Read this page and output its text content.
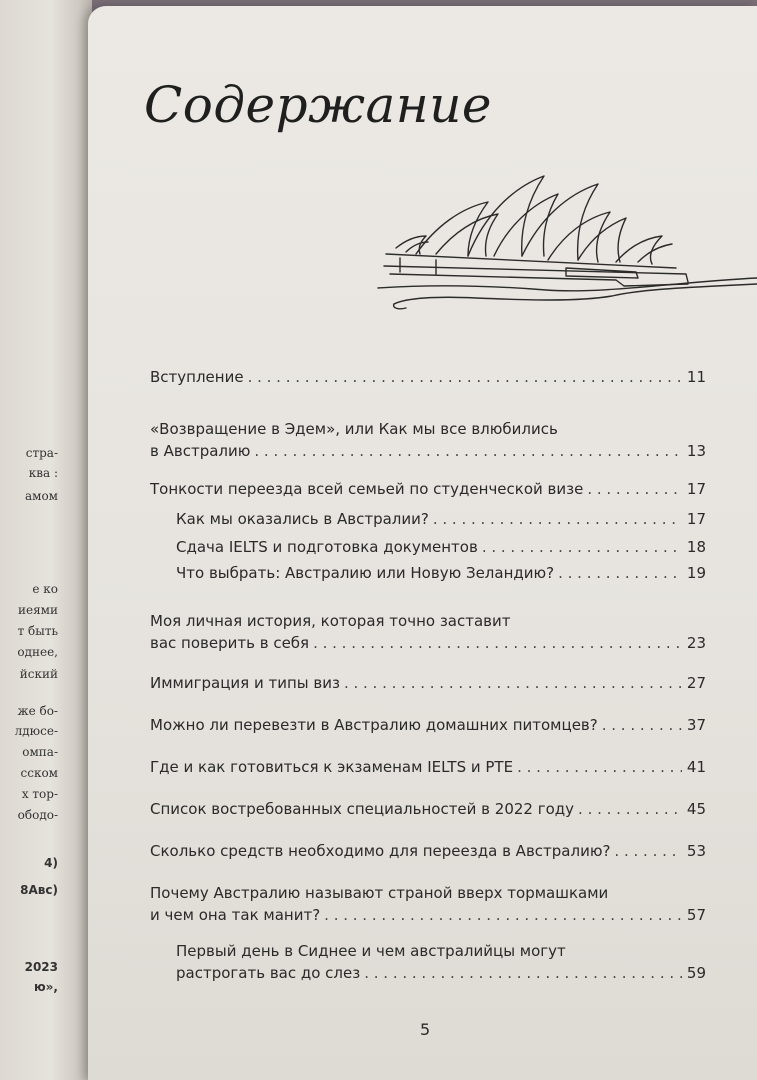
стра-
ква :
амом
е ко
иеями
т быть
однее,
йский
же бо-
лдюсе-
омпа-
сском
х тор-
ободо-
4)
8Авс)
2023
ю»,
Содержание
Вступление . . .	11
«Возвращение в Эдем», или Как мы все влюбились
в Австралию . . .	13
Тонкости переезда всей семьей по студенческой визе . . .	17
Как мы оказались в Австралии? . . .	17
Сдача IELTS и подготовка документов . . .	18
Что выбрать: Австралию или Новую Зеландию? . . .	19
Моя личная история, которая точно заставит
вас поверить в себя . . .	23
Иммиграция и типы виз . . .	27
Можно ли перевезти в Австралию домашних питомцев? . . .	37
Где и как готовиться к экзаменам IELTS и PTE . . .	41
Список востребованных специальностей в 2022 году . . .	45
Сколько средств необходимо для переезда в Австралию? . . .	53
Почему Австралию называют страной вверх тормашками
и чем она так манит? . . .	57
Первый день в Сиднее и чем австралийцы могут
растрогать вас до слез . . .	59
5
